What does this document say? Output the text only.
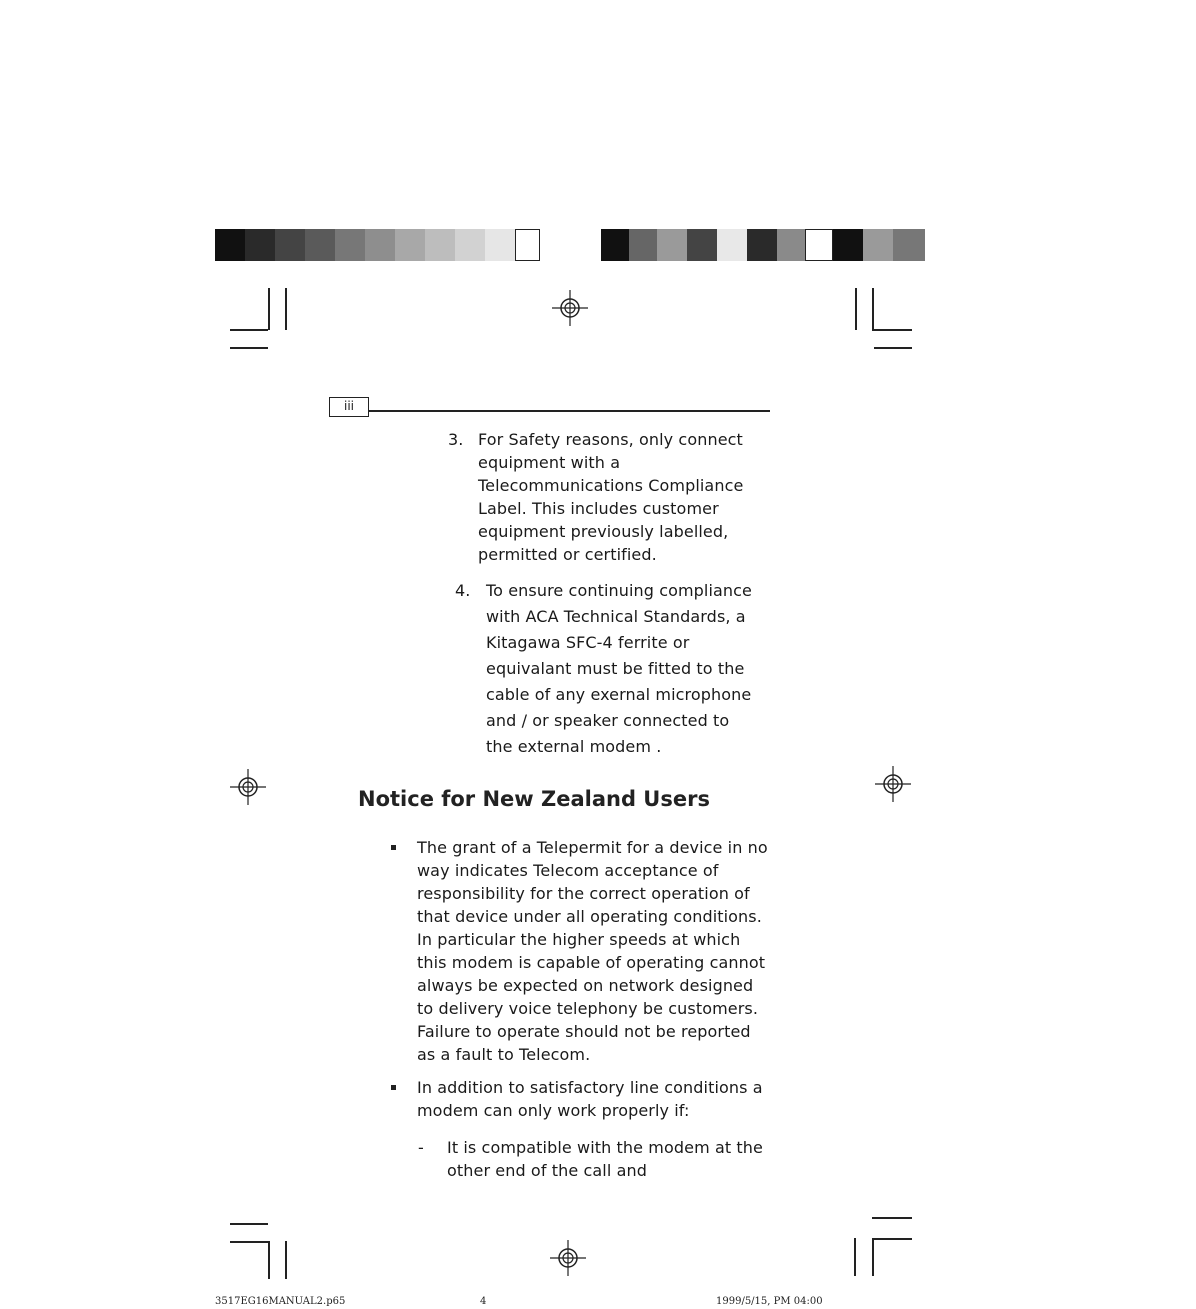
iii
3. For Safety reasons, only connect equipment with a Telecommunications Compliance Label. This includes customer equipment previously labelled, permitted or certified.

4. To ensure continuing compliance with ACA Technical Standards, a Kitagawa SFC-4 ferrite or equivalant must be fitted to the cable of any exernal microphone and / or speaker connected to the external modem .

Notice for New Zealand Users

The grant of a Telepermit for a device in no way indicates Telecom acceptance of responsibility for the correct operation of that device under all operating conditions. In particular the higher speeds at which this modem is capable of operating cannot always be expected on network designed to delivery voice telephony be customers. Failure to operate should not be reported as a fault to Telecom.

In addition to satisfactory line conditions a modem can only work properly if:

- It is compatible with the modem at the other end of the call and

3517EG16MANUAL2.p65	4	1999/5/15, PM 04:00
